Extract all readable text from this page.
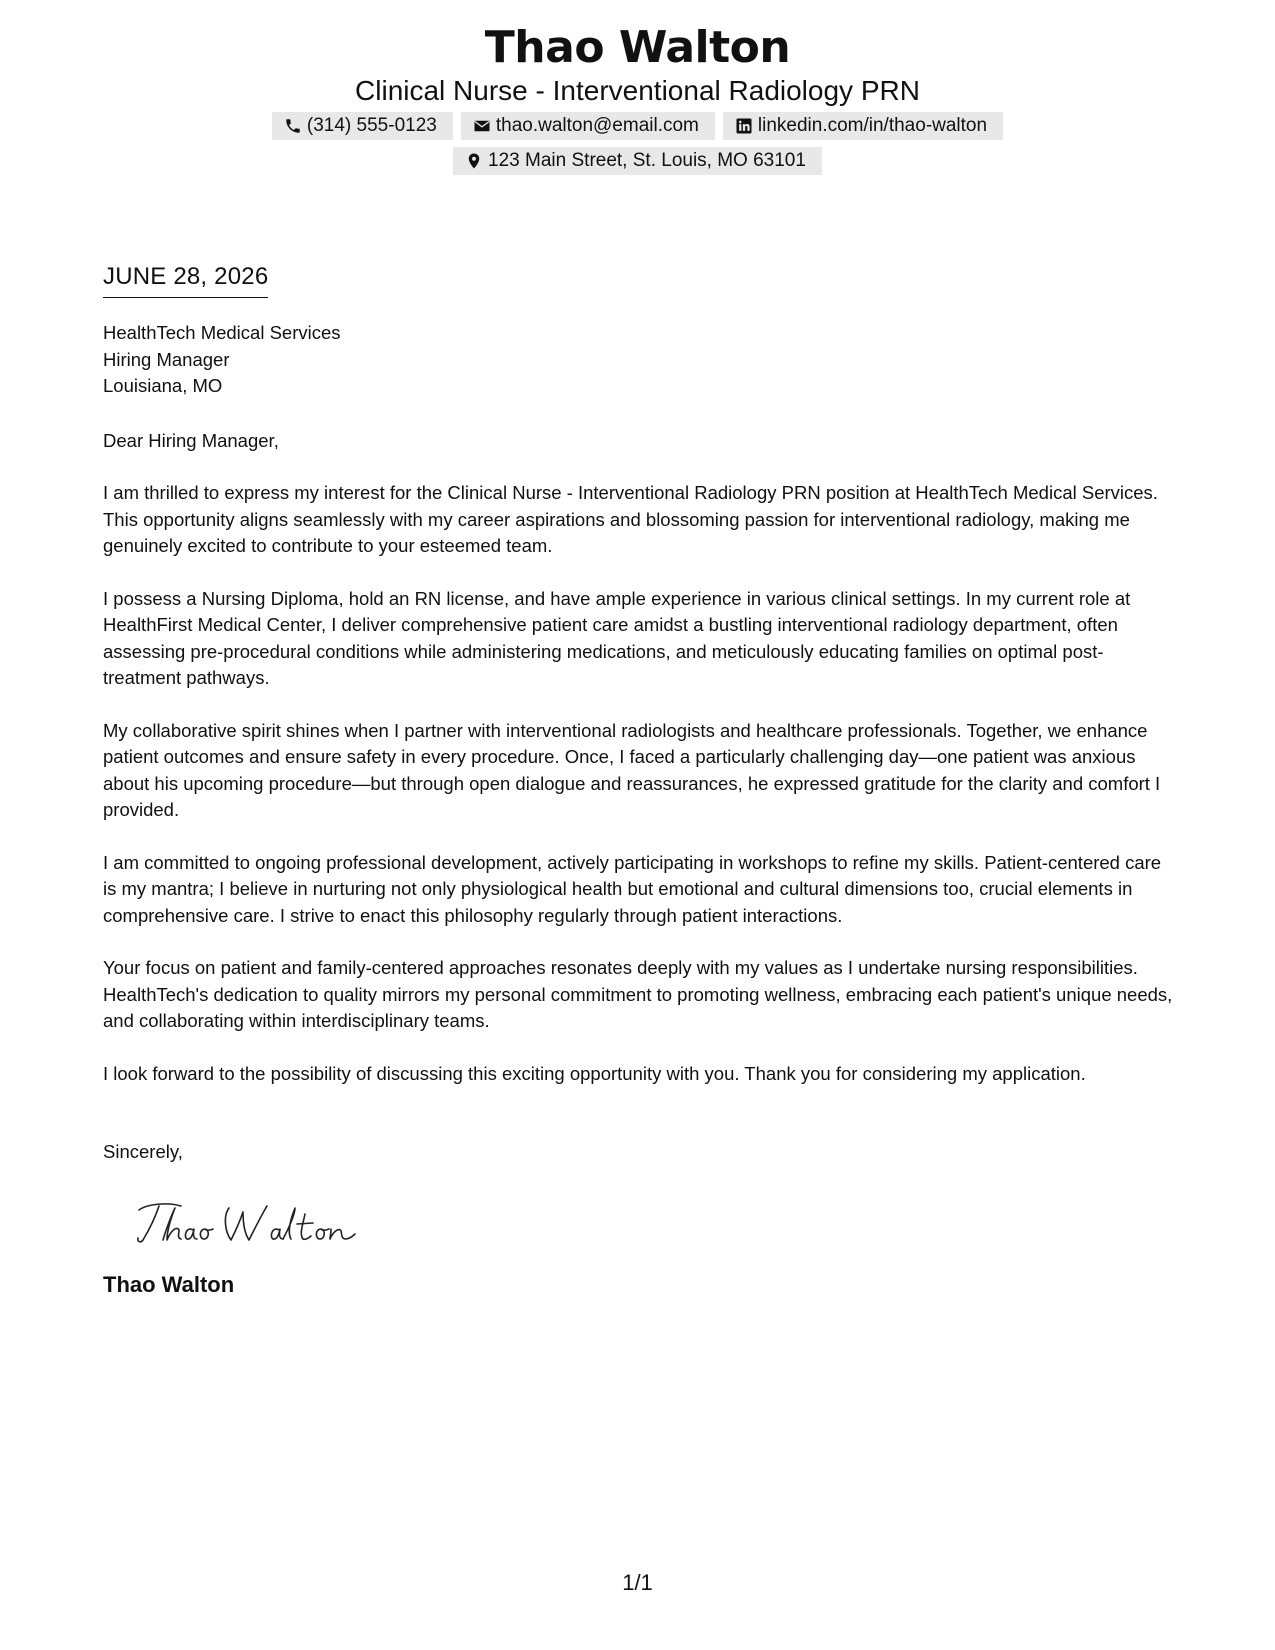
Thao Walton
Clinical Nurse - Interventional Radiology PRN
(314) 555-0123	thao.walton@email.com	linkedin.com/in/thao-walton
123 Main Street, St. Louis, MO 63101
JUNE 28, 2026
HealthTech Medical Services
Hiring Manager
Louisiana, MO
Dear Hiring Manager,

I am thrilled to express my interest for the Clinical Nurse - Interventional Radiology PRN position at HealthTech Medical Services. This opportunity aligns seamlessly with my career aspirations and blossoming passion for interventional radiology, making me genuinely excited to contribute to your esteemed team.

I possess a Nursing Diploma, hold an RN license, and have ample experience in various clinical settings. In my current role at HealthFirst Medical Center, I deliver comprehensive patient care amidst a bustling interventional radiology department, often assessing pre-procedural conditions while administering medications, and meticulously educating families on optimal post-treatment pathways.

My collaborative spirit shines when I partner with interventional radiologists and healthcare professionals. Together, we enhance patient outcomes and ensure safety in every procedure. Once, I faced a particularly challenging day—one patient was anxious about his upcoming procedure—but through open dialogue and reassurances, he expressed gratitude for the clarity and comfort I provided.

I am committed to ongoing professional development, actively participating in workshops to refine my skills. Patient-centered care is my mantra; I believe in nurturing not only physiological health but emotional and cultural dimensions too, crucial elements in comprehensive care. I strive to enact this philosophy regularly through patient interactions.

Your focus on patient and family-centered approaches resonates deeply with my values as I undertake nursing responsibilities. HealthTech's dedication to quality mirrors my personal commitment to promoting wellness, embracing each patient's unique needs, and collaborating within interdisciplinary teams.

I look forward to the possibility of discussing this exciting opportunity with you. Thank you for considering my application.

Sincerely,
Thao Walton
1/1
